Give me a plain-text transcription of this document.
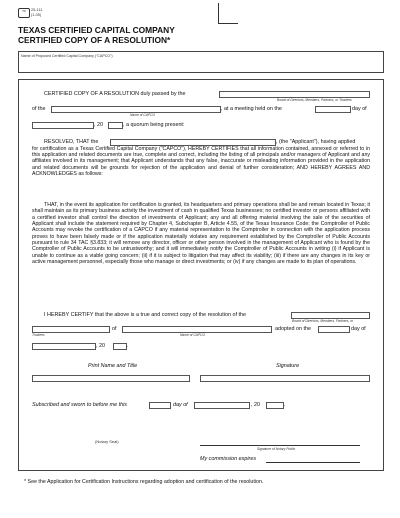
TX	25-111
(1-05)
TEXAS CERTIFIED CAPITAL COMPANY
CERTIFIED COPY OF A RESOLUTION*
Name of Proposed Certified Capital Company ("CAPCO")
CERTIFIED COPY OF A RESOLUTION duly passed by the
Board of Directors, Members, Partners, or Trustees
of the	, at a meeting held on the	day of
Name of CAPCO
, 20	, a quorum being present:
RESOLVED, THAT the	, (the "Applicant"), having applied
for certification as a Texas Certified Capital Company ("CAPCO"), HEREBY CERTIFIES that all information contained, annexed or referred to in this application and related documents are true, complete and correct, including the listing of all principals and/or managers of Applicant and any affiliates involved in its management; that Applicant understands that any false, inaccurate or misleading information provided in the application and related documents will be grounds for rejection of the application and denial of further consideration; AND HEREBY AGREES AND ACKNOWLEDGES as follows:
THAT, in the event its application for certification is granted, its headquarters and primary operations shall be and remain located in Texas; it shall maintain as its primary business activity the investment of cash in qualified Texas businesses; no certified investor or persons affiliated with a certified investor shall control the direction of investments of Applicant; any and all offering material involving the sale of the securities of Applicant shall include the statement required by Chapter 4, Subchapter B, Article 4.55, of the Texas Insurance Code; the Comptroller of Public Accounts may revoke the certification of a CAPCO if any material representation to the Comptroller in connection with the application process proves to have been falsely made or if the application materially violates any requirement established by the Comptroller of Public Accounts pursuant to rule 34 TAC §3.833; it will remove any director, officer or other person involved in the management of Applicant who is found by the Comptroller of Public Accounts to be untrustworthy; and it will immediately notify the Comptroller of Public Accounts in writing (i) if Applicant is unable to continue as a viable going concern; (ii) if it is subject to litigation that may affect its viability; (iii) if there are any changes in its key or active management personnel, especially those who manage or direct investments; or (iv) if any changes are made to its plan of operations.
I HEREBY CERTIFY that the above is a true and correct copy of the resolution of the
Board of Directors, Members, Partners, or
of	adopted on the	day of
Trustees	Name of CAPCO
, 20	.
Print Name and Title	Signature
Subscribed and sworn to before me this	day of	, 20	.
(Notary Seal)
Signature of Notary Public
My commission expires
* See the Application for Certification Instructions regarding adoption and certification of the resolution.
